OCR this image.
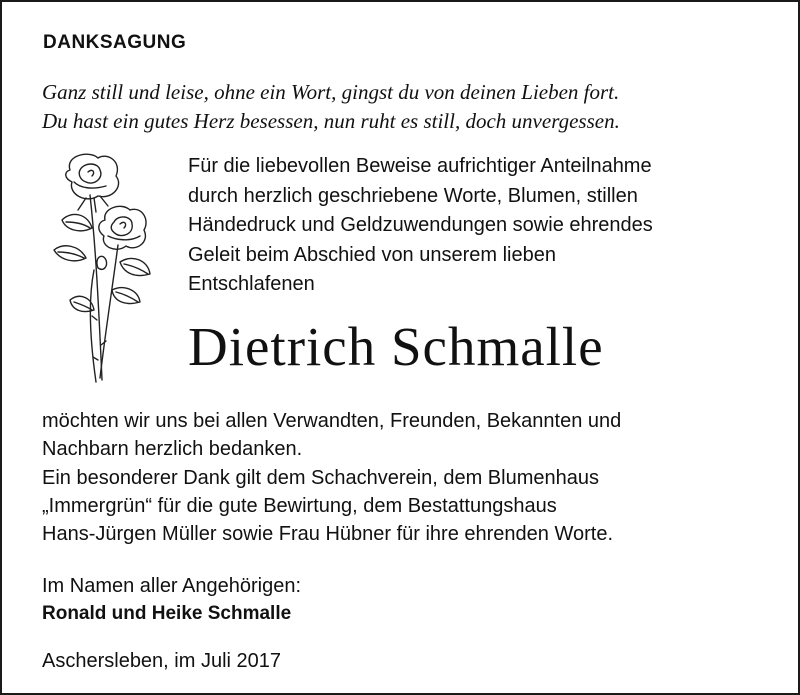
DANKSAGUNG
Ganz still und leise, ohne ein Wort, gingst du von deinen Lieben fort.
Du hast ein gutes Herz besessen, nun ruht es still, doch unvergessen.
Für die liebevollen Beweise aufrichtiger Anteilnahme
durch herzlich geschriebene Worte, Blumen, stillen
Händedruck und Geldzuwendungen sowie ehrendes
Geleit beim Abschied von unserem lieben
Entschlafenen
Dietrich Schmalle
möchten wir uns bei allen Verwandten, Freunden, Bekannten und
Nachbarn herzlich bedanken.
Ein besonderer Dank gilt dem Schachverein, dem Blumenhaus
„Immergrün“ für die gute Bewirtung, dem Bestattungshaus
Hans-Jürgen Müller sowie Frau Hübner für ihre ehrenden Worte.
Im Namen aller Angehörigen:
Ronald und Heike Schmalle
Aschersleben, im Juli 2017
